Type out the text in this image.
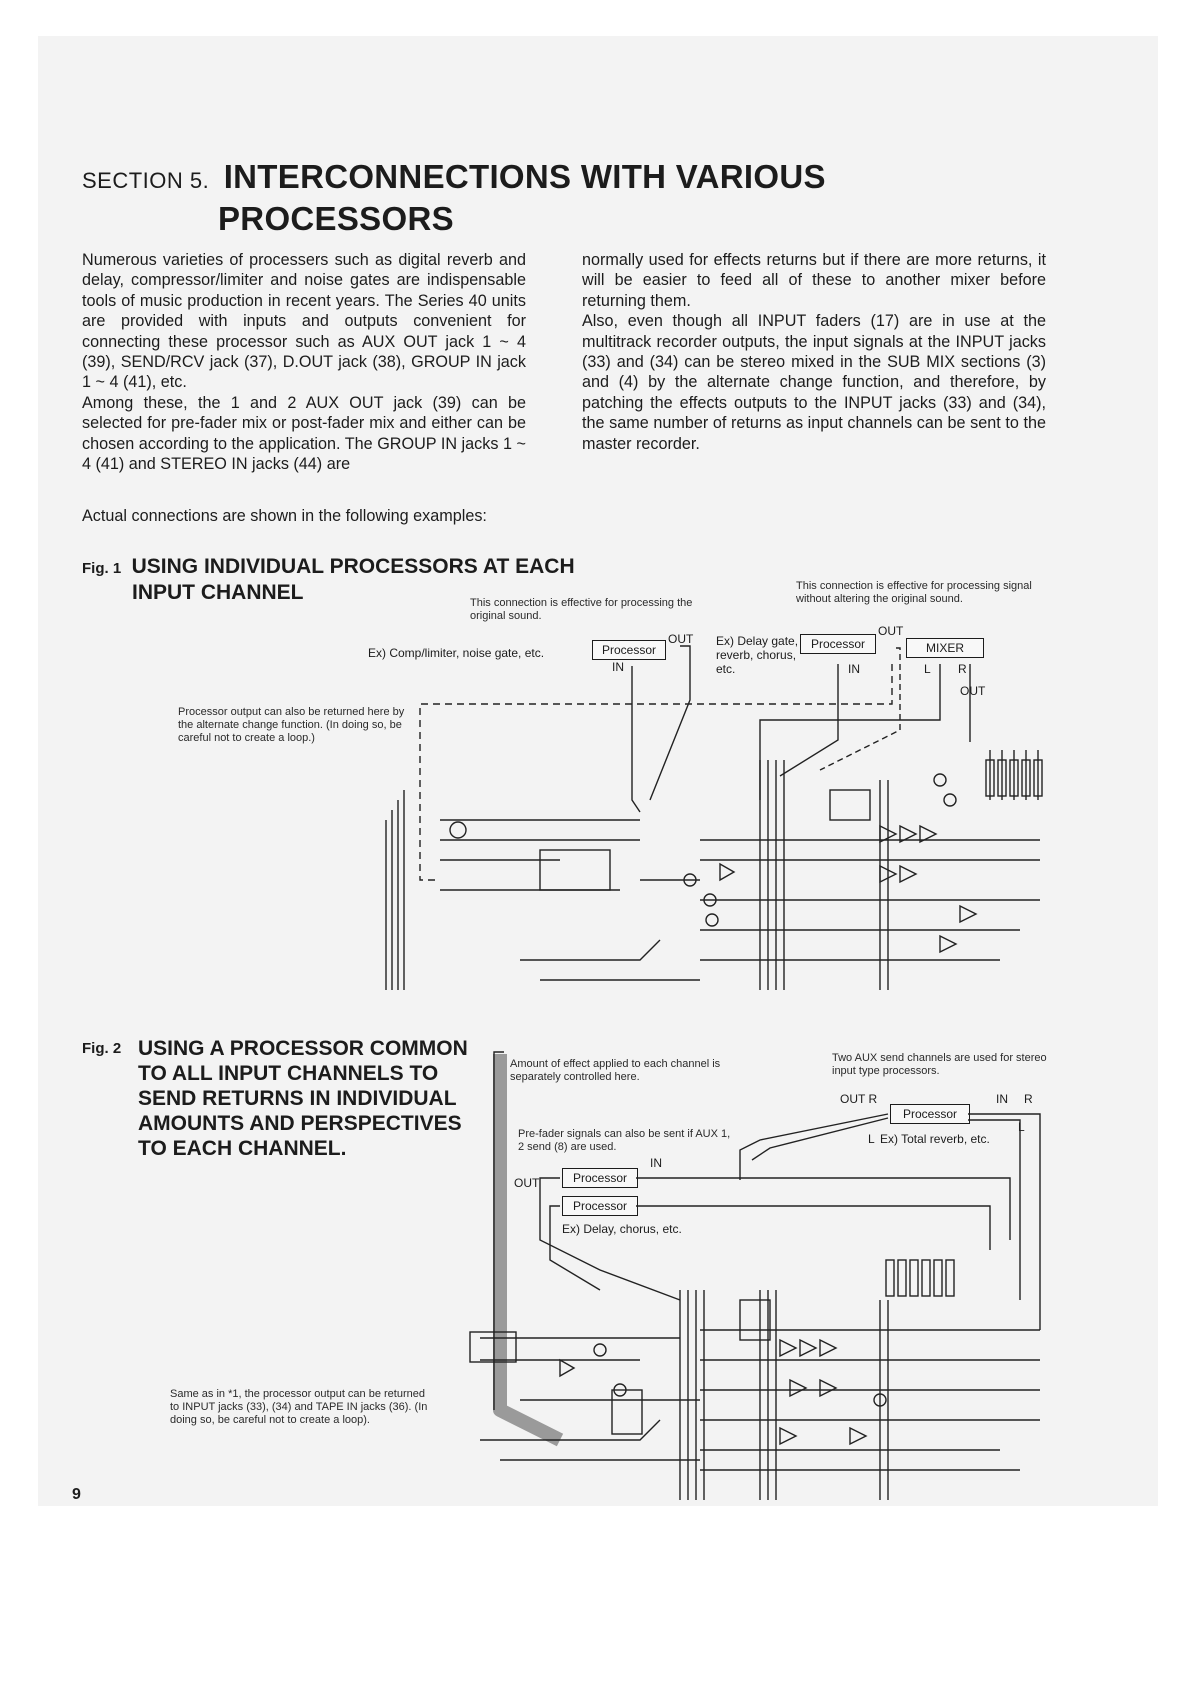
SECTION 5. INTERCONNECTIONS WITH VARIOUS
PROCESSORS

Numerous varieties of processers such as digital reverb and delay, compressor/limiter and noise gates are indispensable tools of music production in recent years. The Series 40 units are provided with inputs and outputs convenient for connecting these processor such as AUX OUT jack 1 ~ 4 (39), SEND/RCV jack (37), D.OUT jack (38), GROUP IN jack 1 ~ 4 (41), etc.

Among these, the 1 and 2 AUX OUT jack (39) can be selected for pre-fader mix or post-fader mix and either can be chosen according to the application. The GROUP IN jacks 1 ~ 4 (41) and STEREO IN jacks (44) are

normally used for effects returns but if there are more returns, it will be easier to feed all of these to another mixer before returning them.

Also, even though all INPUT faders (17) are in use at the multitrack recorder outputs, the input signals at the INPUT jacks (33) and (34) can be stereo mixed in the SUB MIX sections (3) and (4) by the alternate change function, and therefore, by patching the effects outputs to the INPUT jacks (33) and (34), the same number of returns as input channels can be sent to the master recorder.

Actual connections are shown in the following examples:
Fig. 1 USING INDIVIDUAL PROCESSORS AT EACH
INPUT CHANNEL	This connection is effective for processing the original sound.
This connection is effective for processing signal without altering the original sound.
Processor output can also be returned here by the alternate change function. (In doing so, be careful not to create a loop.)
Ex) Comp/limiter, noise gate, etc.	Processor
OUT
IN
Ex) Delay gate, reverb, chorus, etc.
Processor
OUT
IN
MIXER
L R
OUT
Fig. 2 USING A PROCESSOR COMMON
TO ALL INPUT CHANNELS TO
SEND RETURNS IN INDIVIDUAL
AMOUNTS AND PERSPECTIVES
TO EACH CHANNEL.
Amount of effect applied to each channel is separately controlled here.
Two AUX send channels are used for stereo input type processors.
Pre-fader signals can also be sent if AUX 1, 2 send (8) are used.
Same as in *1, the processor output can be returned to INPUT jacks (33), (34) and TAPE IN jacks (36). (In doing so, be careful not to create a loop).
OUT R	IN R
Processor
L
L Ex) Total reverb, etc.
IN
OUT	Processor
Processor
Ex) Delay, chorus, etc.
9
